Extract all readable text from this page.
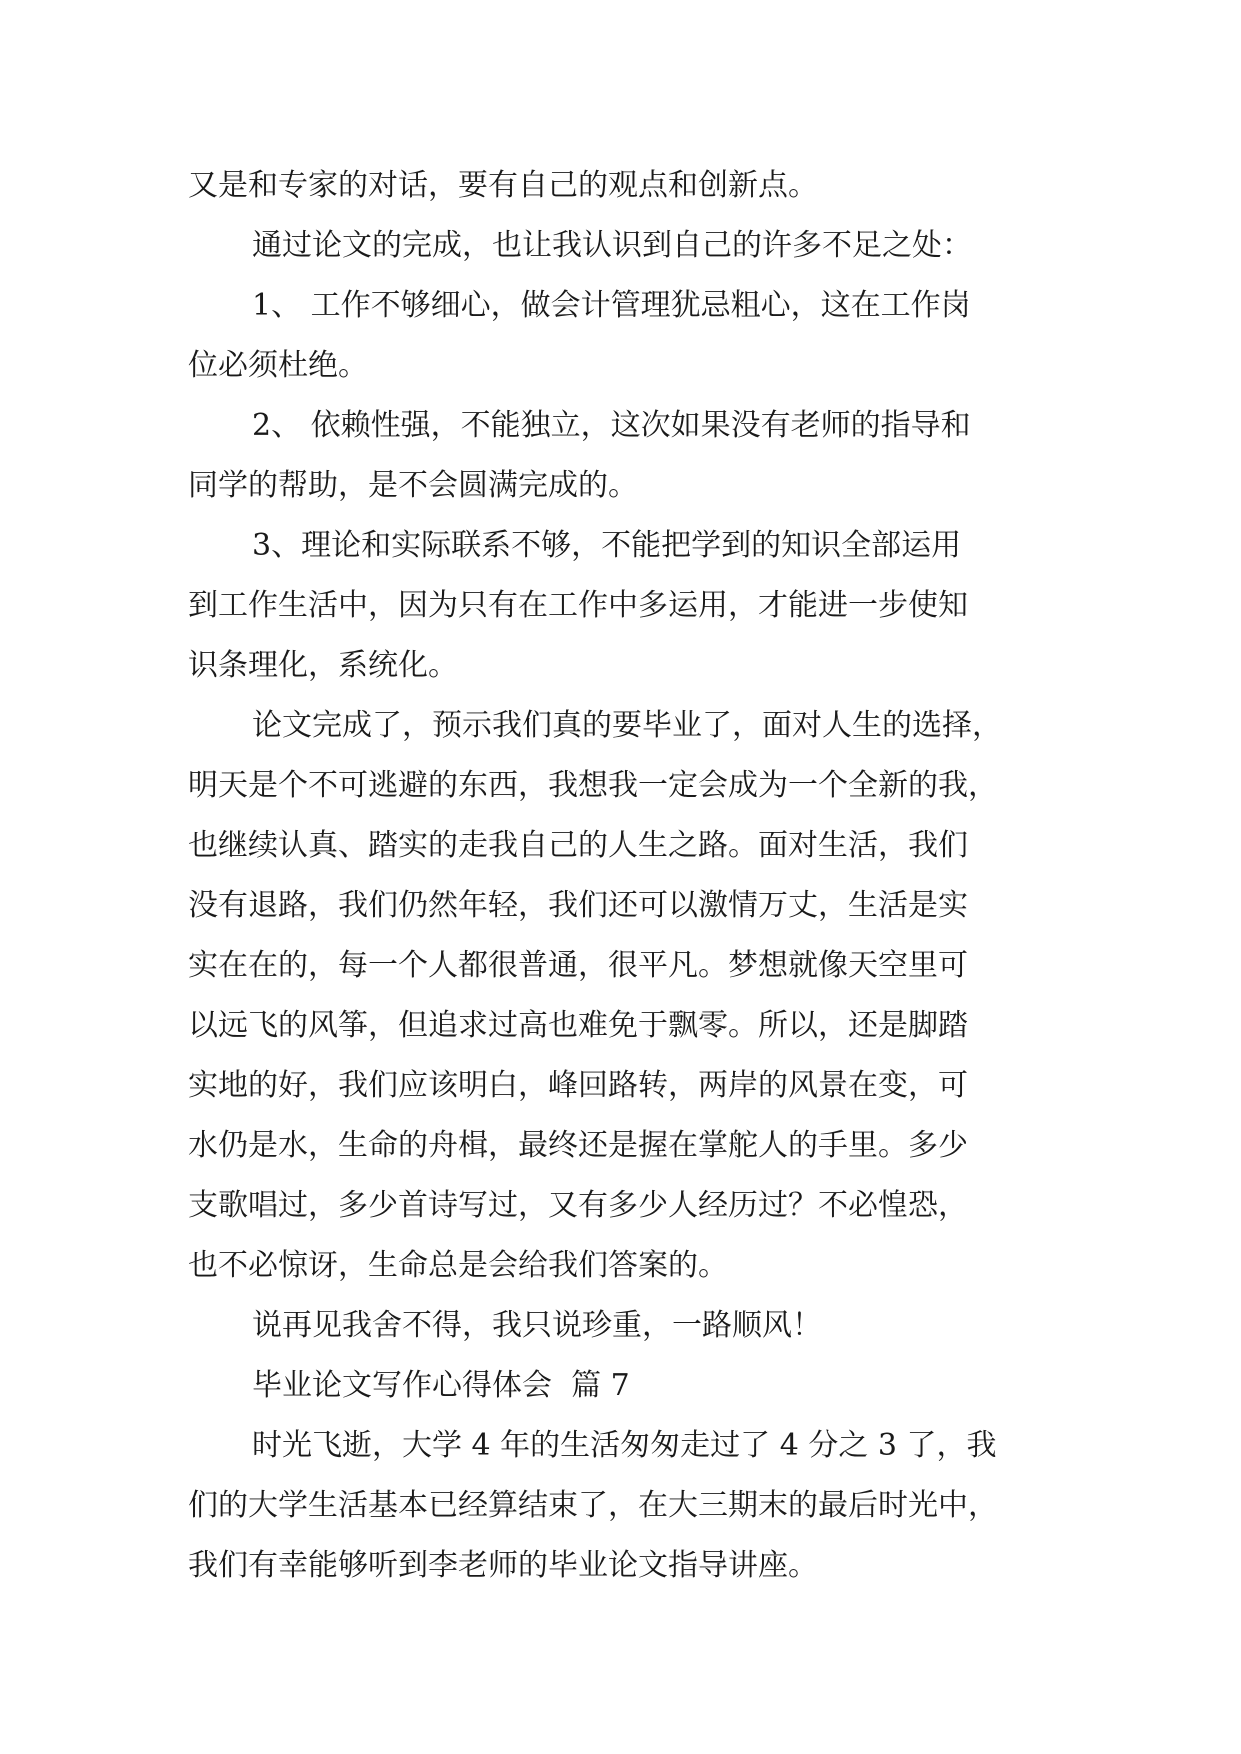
又是和专家的对话，要有自己的观点和创新点。
通过论文的完成，也让我认识到自己的许多不足之处：
1、 工作不够细心，做会计管理犹忌粗心，这在工作岗
位必须杜绝。
2、 依赖性强，不能独立，这次如果没有老师的指导和
同学的帮助，是不会圆满完成的。
3、理论和实际联系不够，不能把学到的知识全部运用
到工作生活中，因为只有在工作中多运用，才能进一步使知
识条理化，系统化。
论文完成了，预示我们真的要毕业了，面对人生的选择，
明天是个不可逃避的东西，我想我一定会成为一个全新的我，
也继续认真、踏实的走我自己的人生之路。面对生活，我们
没有退路，我们仍然年轻，我们还可以激情万丈，生活是实
实在在的，每一个人都很普通，很平凡。梦想就像天空里可
以远飞的风筝，但追求过高也难免于飘零。所以，还是脚踏
实地的好，我们应该明白，峰回路转，两岸的风景在变，可
水仍是水，生命的舟楫，最终还是握在掌舵人的手里。多少
支歌唱过，多少首诗写过，又有多少人经历过？不必惶恐，
也不必惊讶，生命总是会给我们答案的。
说再见我舍不得，我只说珍重，一路顺风！
毕业论文写作心得体会  篇 7
时光飞逝，大学 4 年的生活匆匆走过了 4 分之 3 了，我
们的大学生活基本已经算结束了，在大三期末的最后时光中，
我们有幸能够听到李老师的毕业论文指导讲座。
